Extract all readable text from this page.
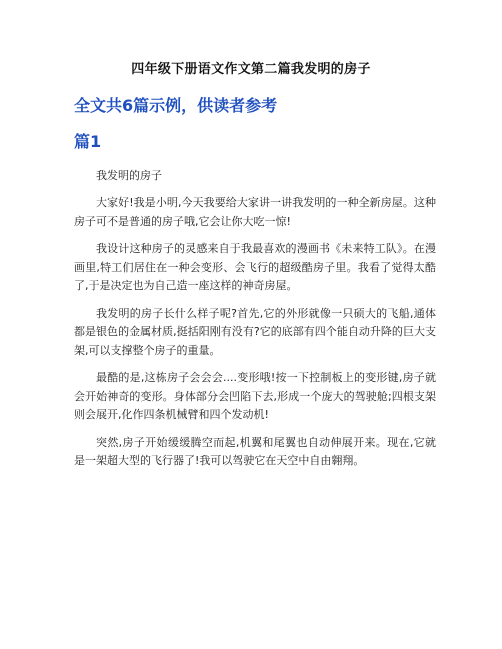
四年级下册语文作文第二篇我发明的房子
全文共6篇示例，供读者参考
篇1

我发明的房子

大家好!我是小明,今天我要给大家讲一讲我发明的一种全新房屋。这种房子可不是普通的房子哦,它会让你大吃一惊!

我设计这种房子的灵感来自于我最喜欢的漫画书《未来特工队》。在漫画里,特工们居住在一种会变形、会飞行的超级酷房子里。我看了觉得太酷了,于是决定也为自己造一座这样的神奇房屋。

我发明的房子长什么样子呢?首先,它的外形就像一只硕大的飞船,通体都是银色的金属材质,挺括阳刚有没有?它的底部有四个能自动升降的巨大支架,可以支撑整个房子的重量。

最酷的是,这栋房子会会会....变形哦!按一下控制板上的变形键,房子就会开始神奇的变形。身体部分会凹陷下去,形成一个庞大的驾驶舱;四根支架则会展开,化作四条机械臂和四个发动机!

突然,房子开始缓缓腾空而起,机翼和尾翼也自动伸展开来。现在,它就是一架超大型的飞行器了!我可以驾驶它在天空中自由翱翔。
